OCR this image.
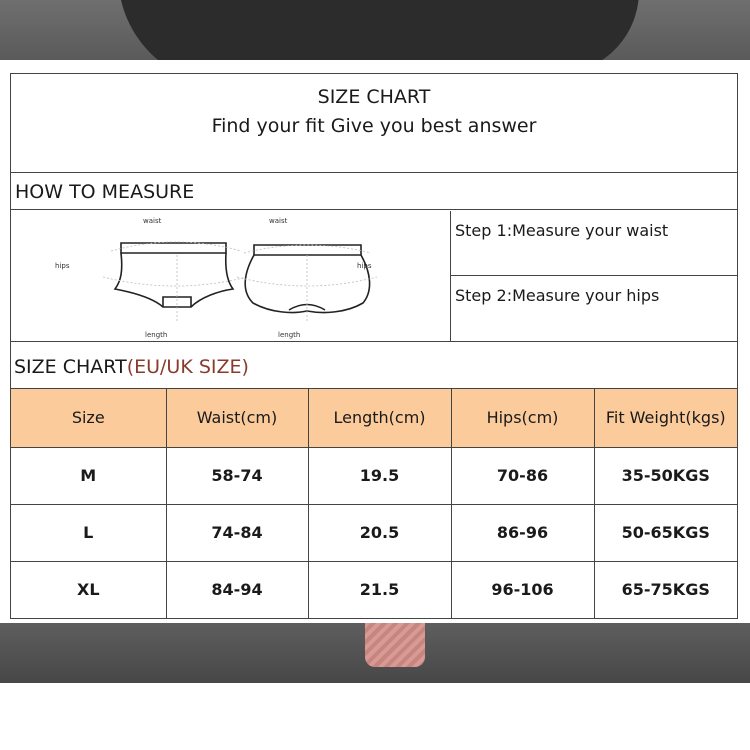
SIZE CHART
Find your fit Give you best answer
HOW TO MEASURE
waist
hips
length
waist
hips
length
Step 1:Measure your waist
Step 2:Measure your hips
SIZE CHART(EU/UK SIZE)
Size	Waist(cm)	Length(cm)	Hips(cm)	Fit Weight(kgs)
M	58-74	19.5	70-86	35-50KGS
L	74-84	20.5	86-96	50-65KGS
XL	84-94	21.5	96-106	65-75KGS
